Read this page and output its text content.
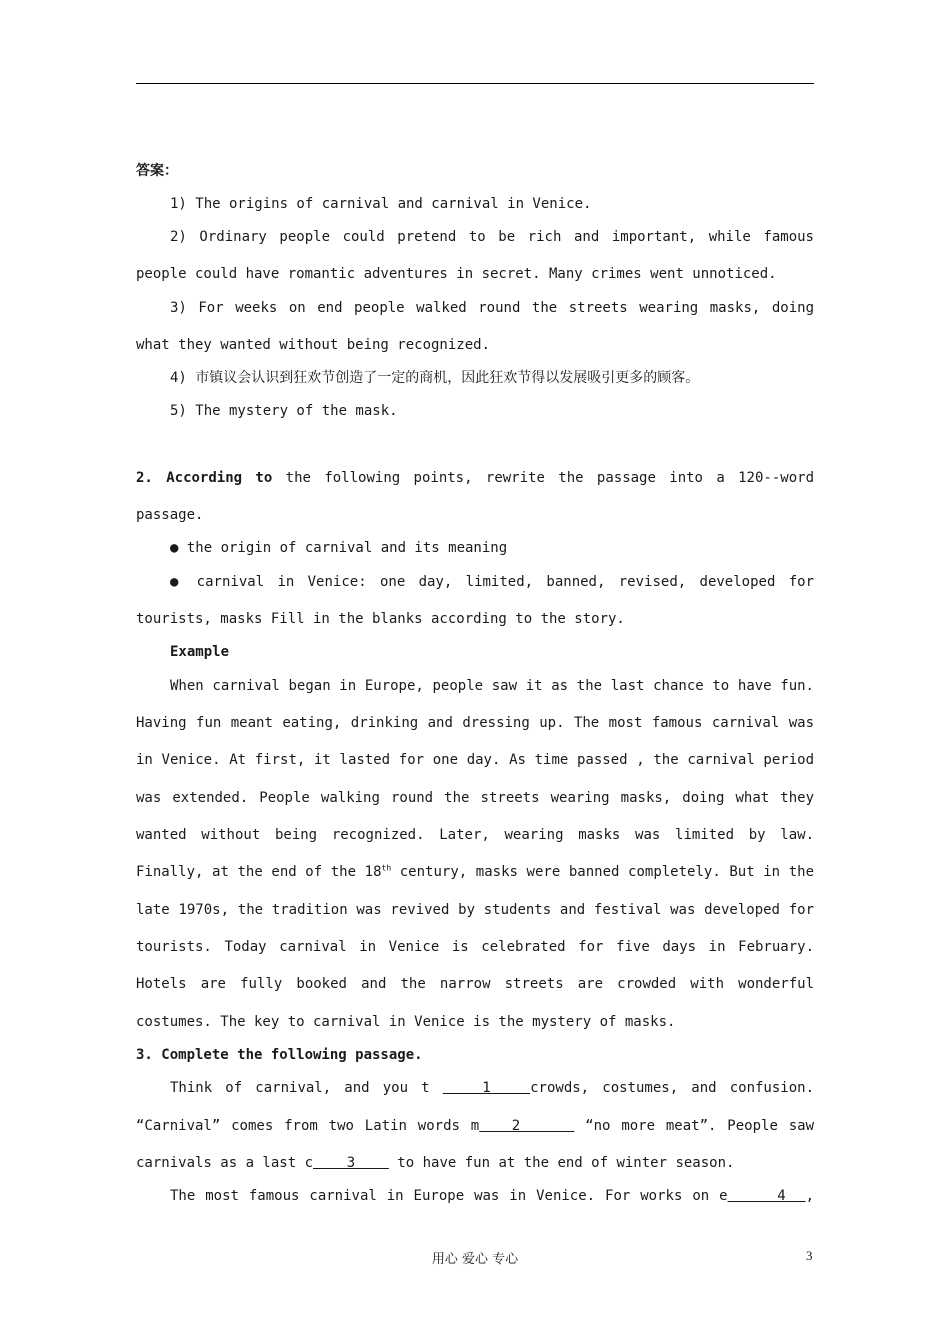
答案：
1) The origins of carnival and carnival in Venice.
2) Ordinary people could pretend to be rich and important, while famous
people could have romantic adventures in secret. Many crimes went unnoticed.
3) For weeks on end people walked round the streets wearing masks, doing
what they wanted without being recognized.
4) 市镇议会认识到狂欢节创造了一定的商机，因此狂欢节得以发展吸引更多的顾客。
5) The mystery of the mask.
2. According to the following points, rewrite the passage into a 120--word
passage.
● the origin of carnival and its meaning
● carnival in Venice: one day, limited, banned, revised, developed for
tourists, masks Fill in the blanks according to the story.
Example
When carnival began in Europe, people saw it as the last chance to have fun.
Having fun meant eating, drinking and dressing up. The most famous carnival was
in Venice. At first, it lasted for one day. As time passed , the carnival period
was extended. People walking round the streets wearing masks, doing what they
wanted without being recognized. Later, wearing masks was limited by law.
Finally, at the end of the 18th century, masks were banned completely. But in the
late 1970s, the tradition was revived by students and festival was developed for
tourists. Today carnival in Venice is celebrated for five days in February.
Hotels are fully booked and the narrow streets are crowded with wonderful
costumes. The key to carnival in Venice is the mystery of masks.
3. Complete the following passage.
Think of carnival, and you t    1   crowds, costumes, and confusion.
“Carnival” comes from two Latin words m   2      “no more meat”. People saw
carnivals as a last c    3     to have fun at the end of winter season.
The most famous carnival in Europe was in Venice. For works on e     4  ,
用心 爱心 专心	3
